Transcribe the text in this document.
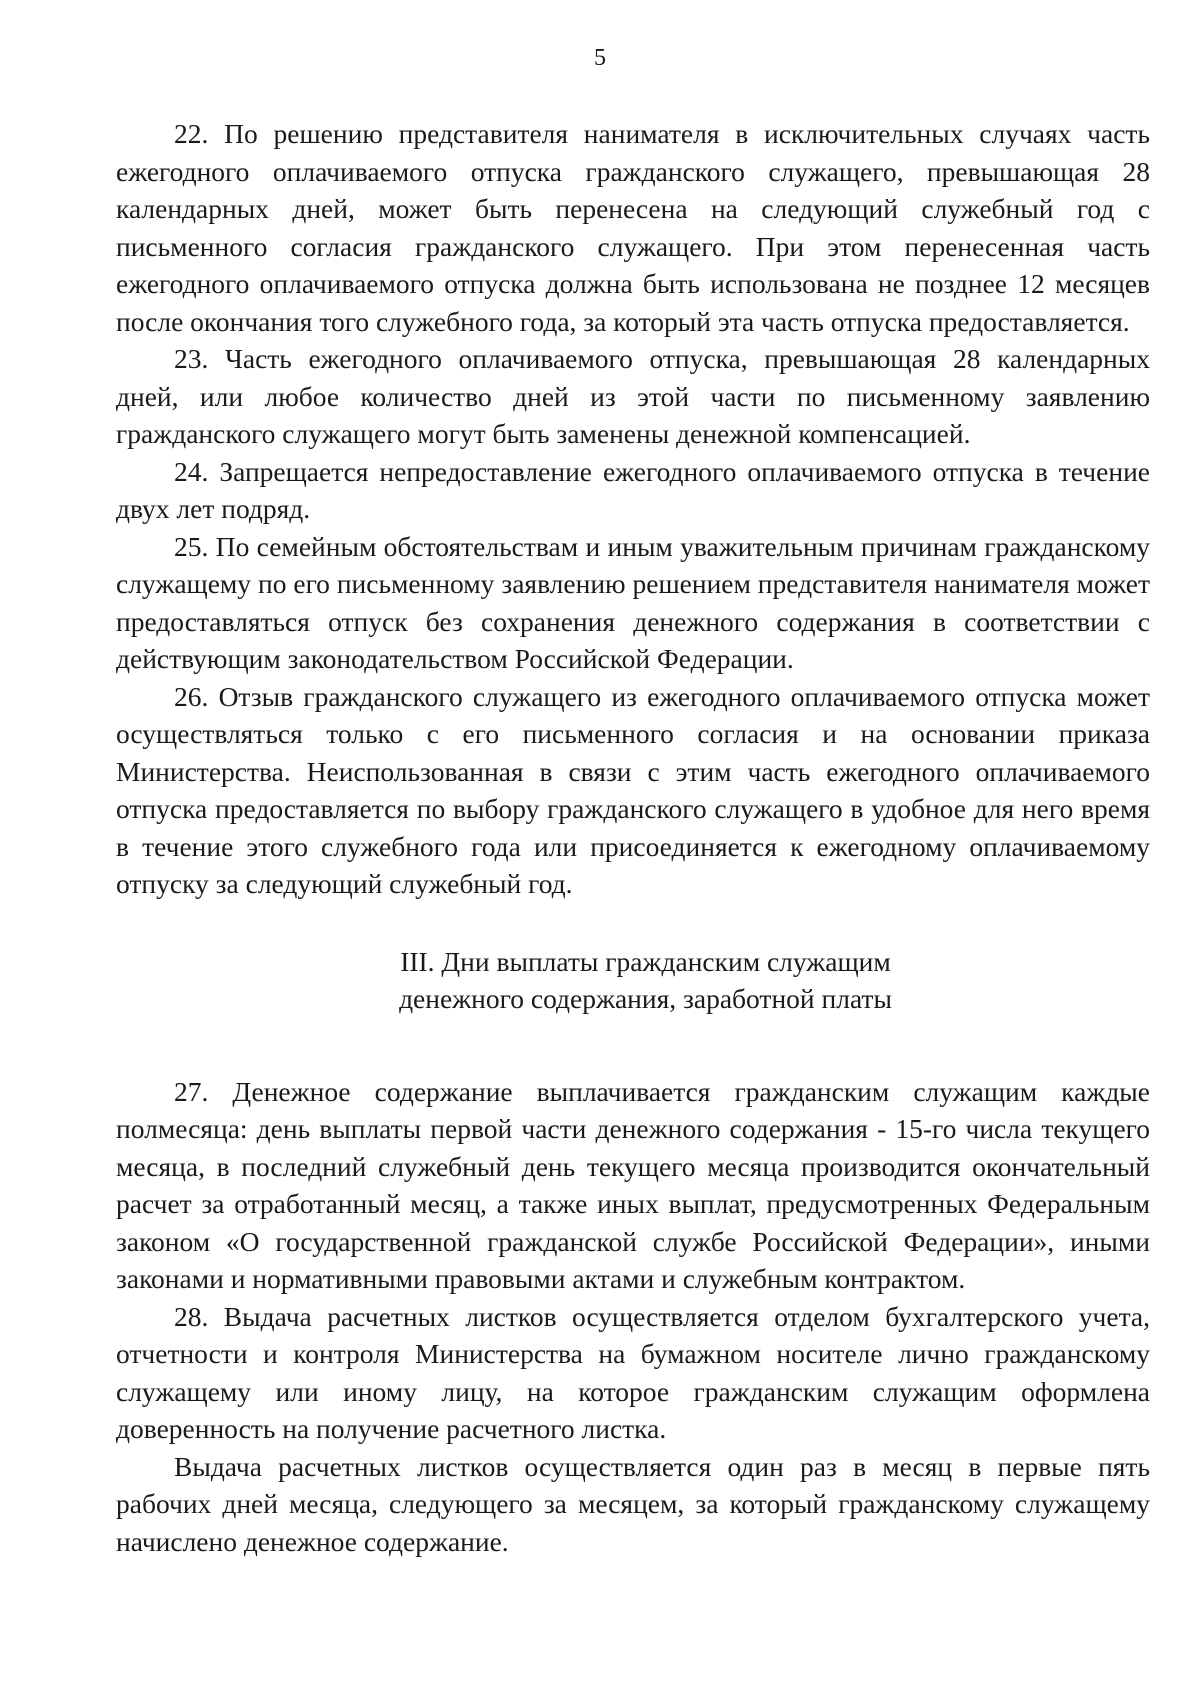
5

22. По решению представителя нанимателя в исключительных случаях часть ежегодного оплачиваемого отпуска гражданского служащего, превышающая 28 календарных дней, может быть перенесена на следующий служебный год с письменного согласия гражданского служащего. При этом перенесенная часть ежегодного оплачиваемого отпуска должна быть использована не позднее 12 месяцев после окончания того служебного года, за который эта часть отпуска предоставляется.

23. Часть ежегодного оплачиваемого отпуска, превышающая 28 календарных дней, или любое количество дней из этой части по письменному заявлению гражданского служащего могут быть заменены денежной компенсацией.

24. Запрещается непредоставление ежегодного оплачиваемого отпуска в течение двух лет подряд.

25. По семейным обстоятельствам и иным уважительным причинам гражданскому служащему по его письменному заявлению решением представителя нанимателя может предоставляться отпуск без сохранения денежного содержания в соответствии с действующим законодательством Российской Федерации.

26. Отзыв гражданского служащего из ежегодного оплачиваемого отпуска может осуществляться только с его письменного согласия и на основании приказа Министерства. Неиспользованная в связи с этим часть ежегодного оплачиваемого отпуска предоставляется по выбору гражданского служащего в удобное для него время в течение этого служебного года или присоединяется к ежегодному оплачиваемому отпуску за следующий служебный год.

III. Дни выплаты гражданским служащим
денежного содержания, заработной платы

27. Денежное содержание выплачивается гражданским служащим каждые полмесяца: день выплаты первой части денежного содержания - 15-го числа текущего месяца, в последний служебный день текущего месяца производится окончательный расчет за отработанный месяц, а также иных выплат, предусмотренных Федеральным законом «О государственной гражданской службе Российской Федерации», иными законами и нормативными правовыми актами и служебным контрактом.

28. Выдача расчетных листков осуществляется отделом бухгалтерского учета, отчетности и контроля Министерства на бумажном носителе лично гражданскому служащему или иному лицу, на которое гражданским служащим оформлена доверенность на получение расчетного листка.

Выдача расчетных листков осуществляется один раз в месяц в первые пять рабочих дней месяца, следующего за месяцем, за который гражданскому служащему начислено денежное содержание.
